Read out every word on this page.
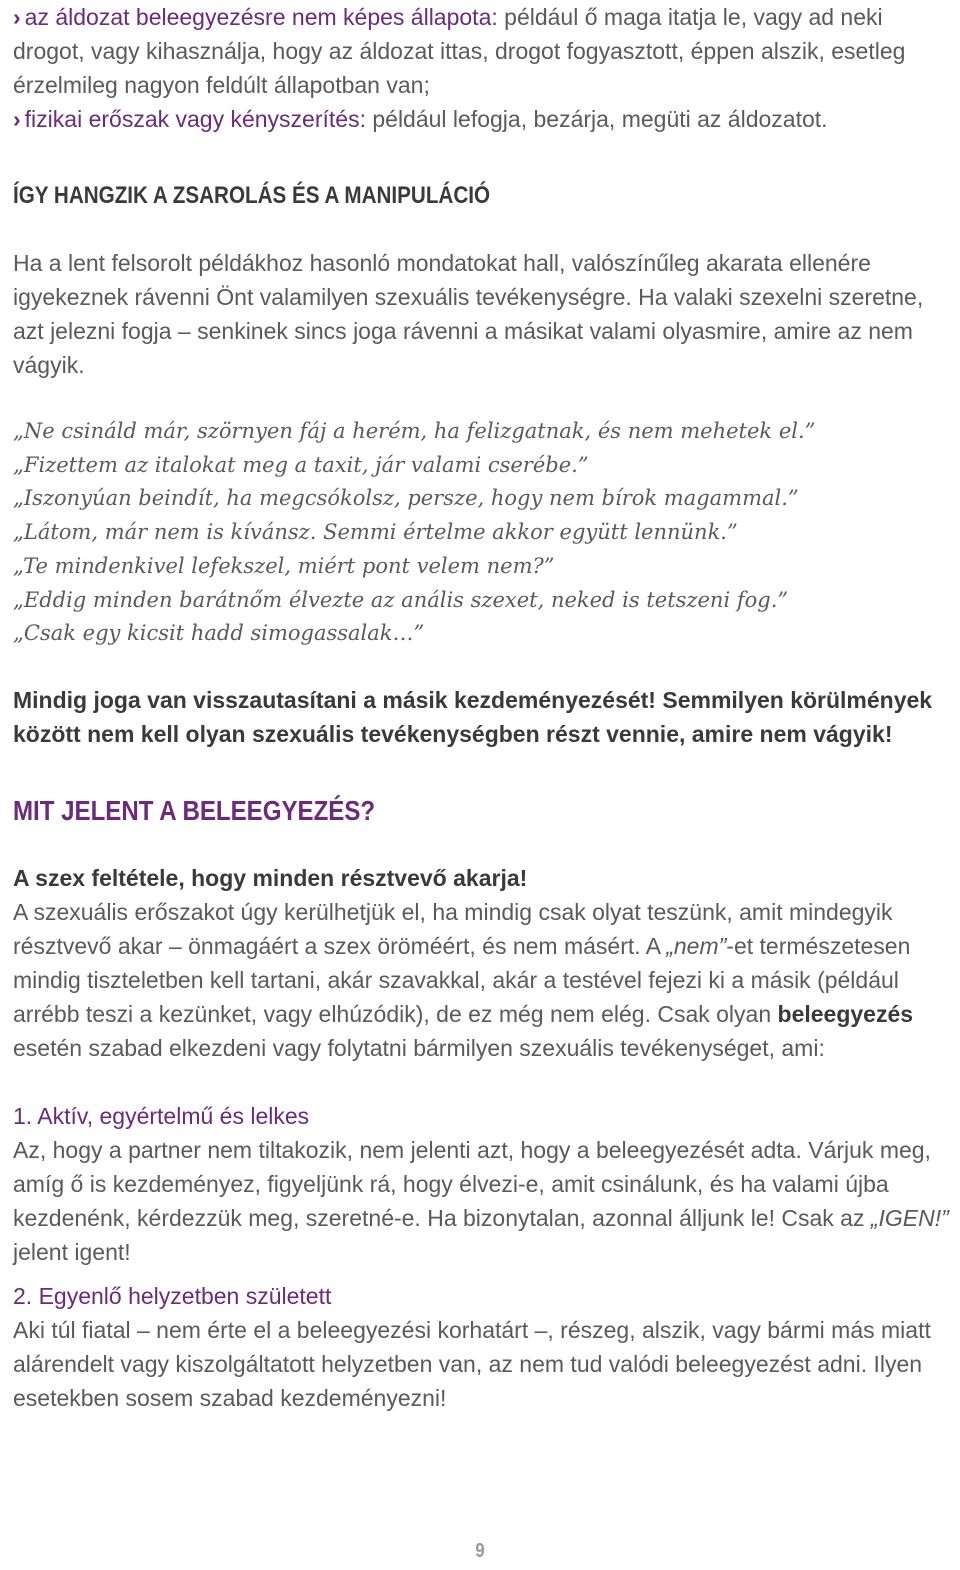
› az áldozat beleegyezésre nem képes állapota: például ő maga itatja le, vagy ad neki drogot, vagy kihasználja, hogy az áldozat ittas, drogot fogyasztott, éppen alszik, esetleg érzelmileg nagyon feldúlt állapotban van;

› fizikai erőszak vagy kényszerítés: például lefogja, bezárja, megüti az áldozatot.

ÍGY HANGZIK A ZSAROLÁS ÉS A MANIPULÁCIÓ

Ha a lent felsorolt példákhoz hasonló mondatokat hall, valószínűleg akarata ellenére igyekeznek rávenni Önt valamilyen szexuális tevékenységre. Ha valaki szexelni szeretne, azt jelezni fogja – senkinek sincs joga rávenni a másikat valami olyasmire, amire az nem vágyik.

„Ne csináld már, szörnyen fáj a herém, ha felizgatnak, és nem mehetek el.”

„Fizettem az italokat meg a taxit, jár valami cserébe.”

„Iszonyúan beindít, ha megcsókolsz, persze, hogy nem bírok magammal.”

„Látom, már nem is kívánsz. Semmi értelme akkor együtt lennünk.”

„Te mindenkivel lefekszel, miért pont velem nem?”

„Eddig minden barátnőm élvezte az anális szexet, neked is tetszeni fog.”

„Csak egy kicsit hadd simogassalak…”

Mindig joga van visszautasítani a másik kezdeményezését! Semmilyen körülmények között nem kell olyan szexuális tevékenységben részt vennie, amire nem vágyik!

MIT JELENT A BELEEGYEZÉS?

A szex feltétele, hogy minden résztvevő akarja!

A szexuális erőszakot úgy kerülhetjük el, ha mindig csak olyat teszünk, amit mindegyik résztvevő akar – önmagáért a szex öröméért, és nem másért. A „nem”-et természetesen mindig tiszteletben kell tartani, akár szavakkal, akár a testével fejezi ki a másik (például arrébb teszi a kezünket, vagy elhúzódik), de ez még nem elég. Csak olyan beleegyezés esetén szabad elkezdeni vagy folytatni bármilyen szexuális tevékenységet, ami:

1. Aktív, egyértelmű és lelkes

Az, hogy a partner nem tiltakozik, nem jelenti azt, hogy a beleegyezését adta. Várjuk meg, amíg ő is kezdeményez, figyeljünk rá, hogy élvezi-e, amit csinálunk, és ha valami újba kezdenénk, kérdezzük meg, szeretné-e. Ha bizonytalan, azonnal álljunk le! Csak az „IGEN!” jelent igent!

2. Egyenlő helyzetben született

Aki túl fiatal – nem érte el a beleegyezési korhatárt –, részeg, alszik, vagy bármi más miatt alárendelt vagy kiszolgáltatott helyzetben van, az nem tud valódi beleegyezést adni. Ilyen esetekben sosem szabad kezdeményezni!

9
